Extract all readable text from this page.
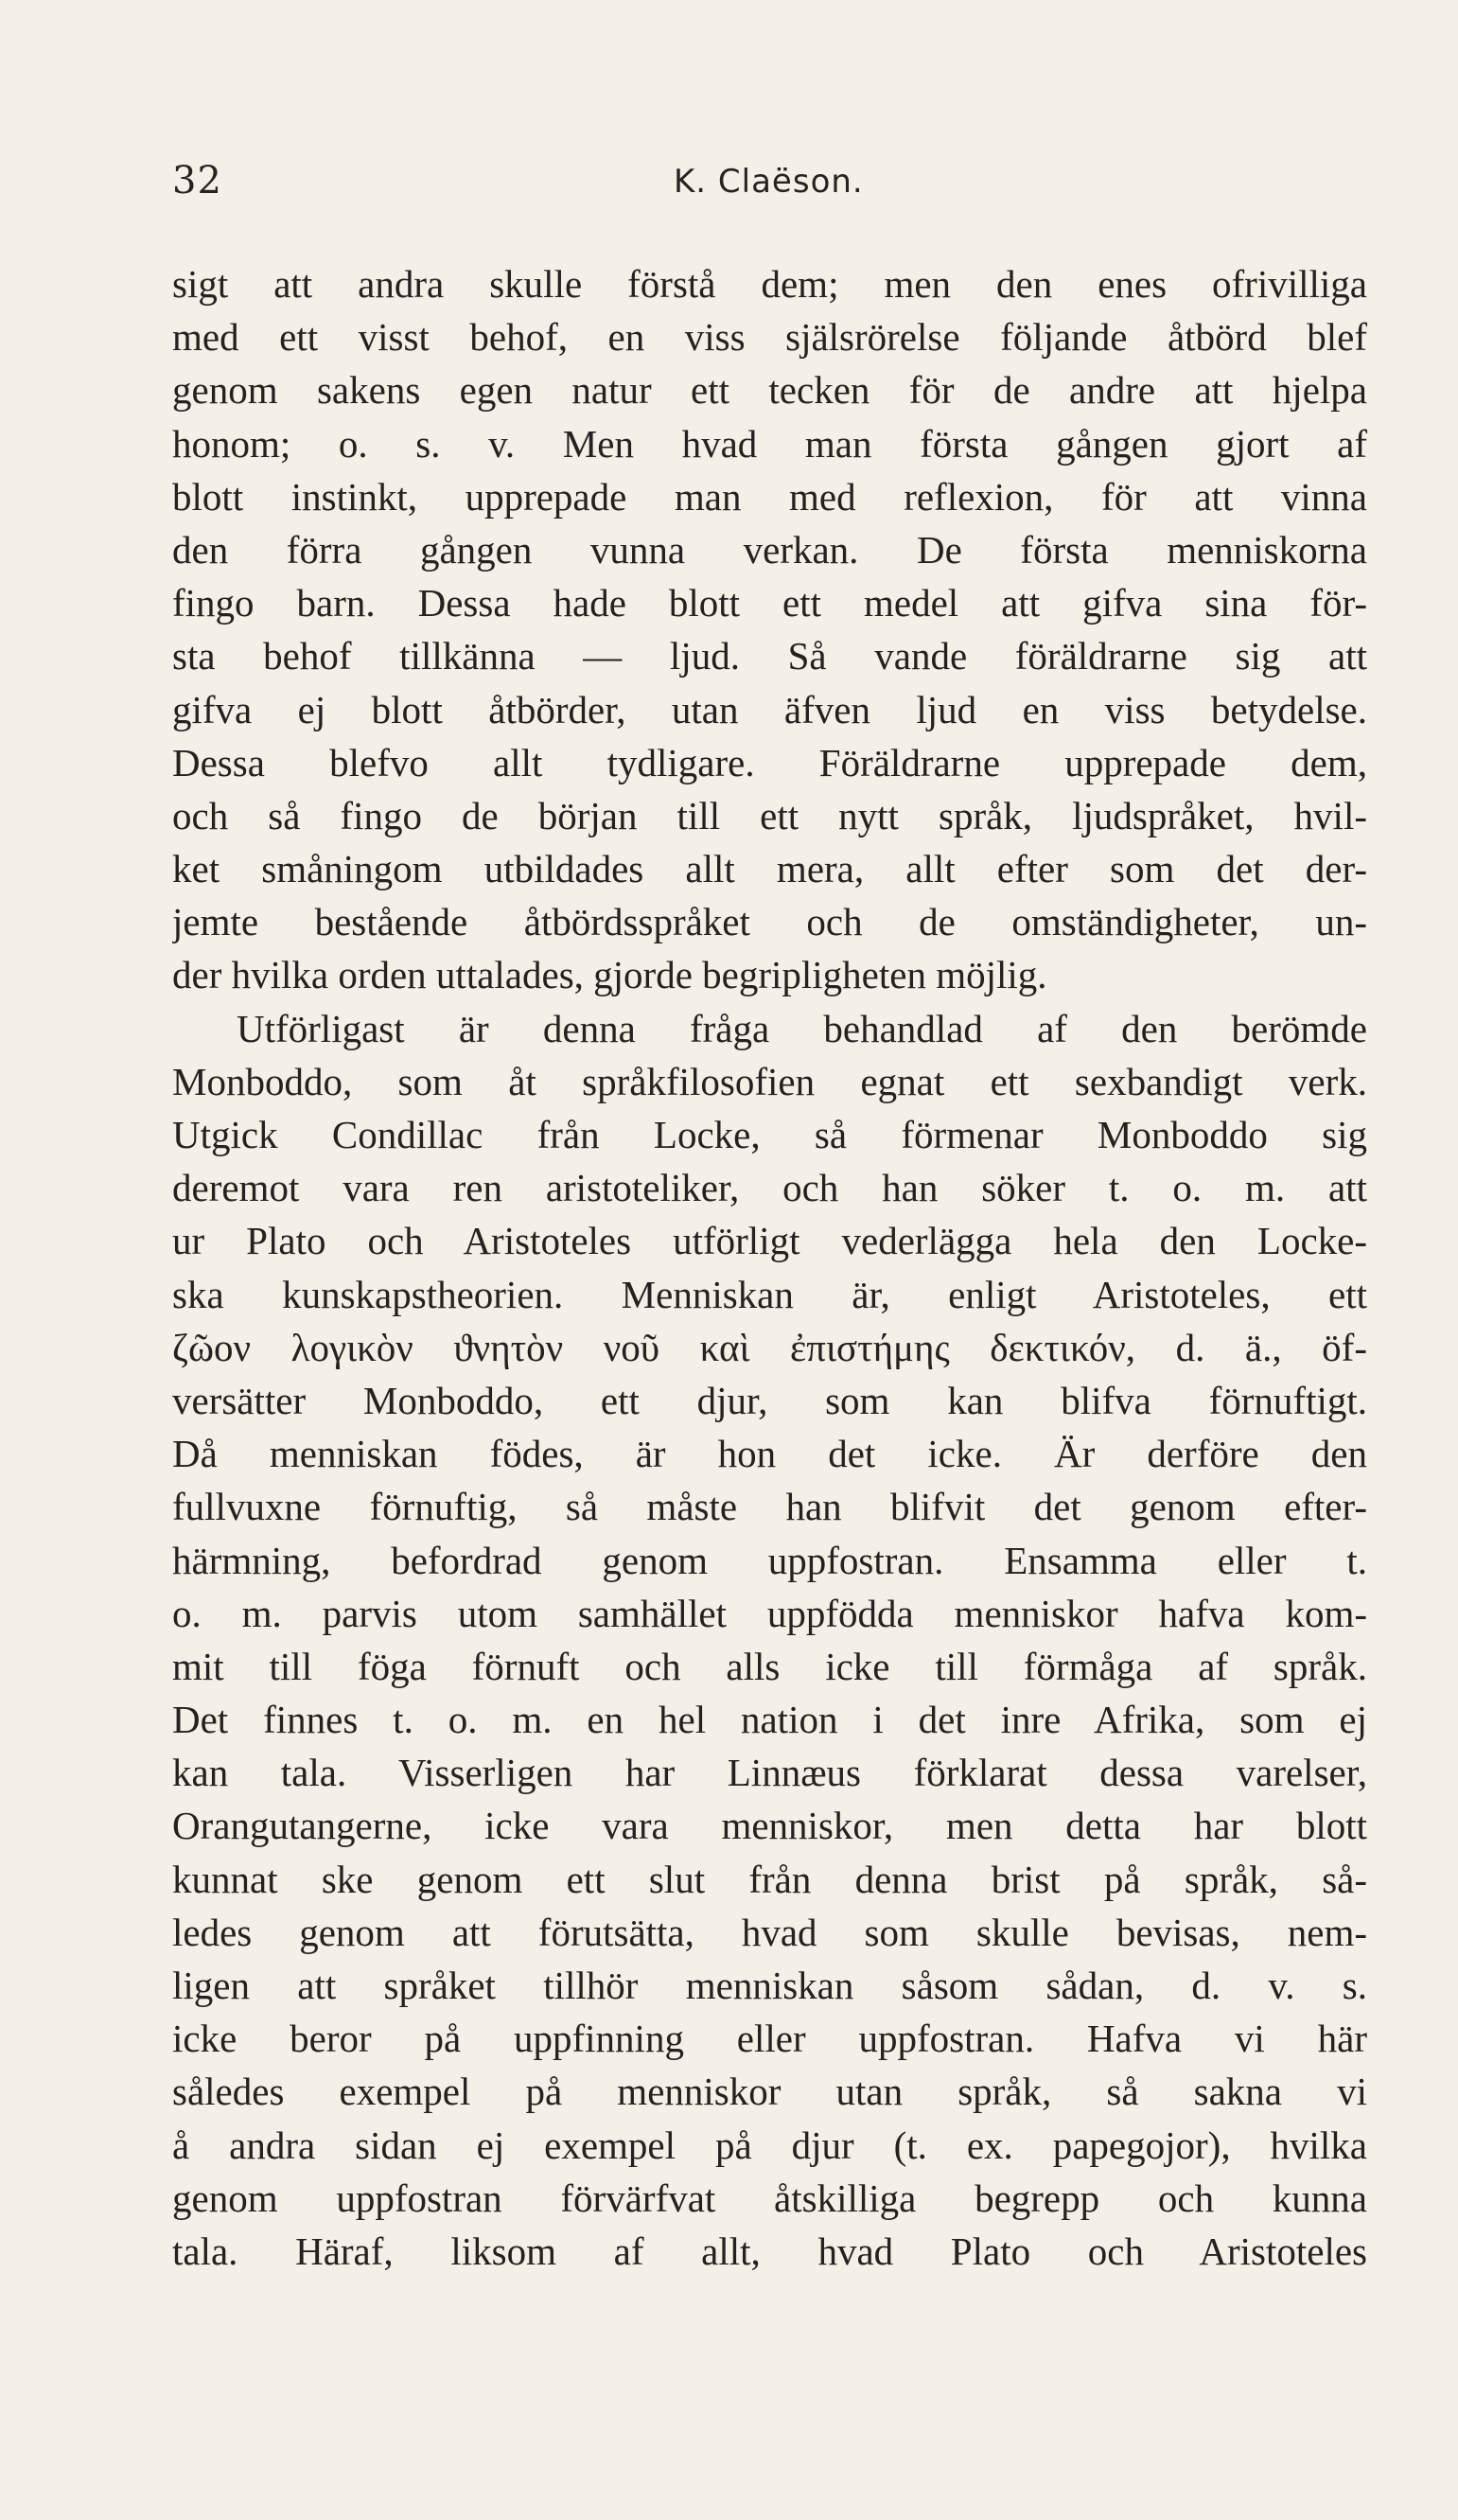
32	K. Claëson.
sigt att andra skulle förstå dem; men den enes ofrivilliga
med ett visst behof, en viss själsrörelse följande åtbörd blef
genom sakens egen natur ett tecken för de andre att hjelpa
honom; o. s. v. Men hvad man första gången gjort af
blott instinkt, upprepade man med reflexion, för att vinna
den förra gången vunna verkan. De första menniskorna
fingo barn. Dessa hade blott ett medel att gifva sina för-
sta behof tillkänna — ljud. Så vande föräldrarne sig att
gifva ej blott åtbörder, utan äfven ljud en viss betydelse.
Dessa blefvo allt tydligare. Föräldrarne upprepade dem,
och så fingo de början till ett nytt språk, ljudspråket, hvil-
ket småningom utbildades allt mera, allt efter som det der-
jemte bestående åtbördsspråket och de omständigheter, un-
der hvilka orden uttalades, gjorde begripligheten möjlig.
Utförligast är denna fråga behandlad af den berömde
Monboddo, som åt språkfilosofien egnat ett sexbandigt verk.
Utgick Condillac från Locke, så förmenar Monboddo sig
deremot vara ren aristoteliker, och han söker t. o. m. att
ur Plato och Aristoteles utförligt vederlägga hela den Locke-
ska kunskapstheorien. Menniskan är, enligt Aristoteles, ett
ζῶον λογικὸν ϑνητὸν νοῦ καὶ ἐπιστήμης δεκτικόν, d. ä., öf-
versätter Monboddo, ett djur, som kan blifva förnuftigt.
Då menniskan födes, är hon det icke. Är derföre den
fullvuxne förnuftig, så måste han blifvit det genom efter-
härmning, befordrad genom uppfostran. Ensamma eller t.
o. m. parvis utom samhället uppfödda menniskor hafva kom-
mit till föga förnuft och alls icke till förmåga af språk.
Det finnes t. o. m. en hel nation i det inre Afrika, som ej
kan tala. Visserligen har Linnæus förklarat dessa varelser,
Orangutangerne, icke vara menniskor, men detta har blott
kunnat ske genom ett slut från denna brist på språk, så-
ledes genom att förutsätta, hvad som skulle bevisas, nem-
ligen att språket tillhör menniskan såsom sådan, d. v. s.
icke beror på uppfinning eller uppfostran. Hafva vi här
således exempel på menniskor utan språk, så sakna vi
å andra sidan ej exempel på djur (t. ex. papegojor), hvilka
genom uppfostran förvärfvat åtskilliga begrepp och kunna
tala. Häraf, liksom af allt, hvad Plato och Aristoteles
